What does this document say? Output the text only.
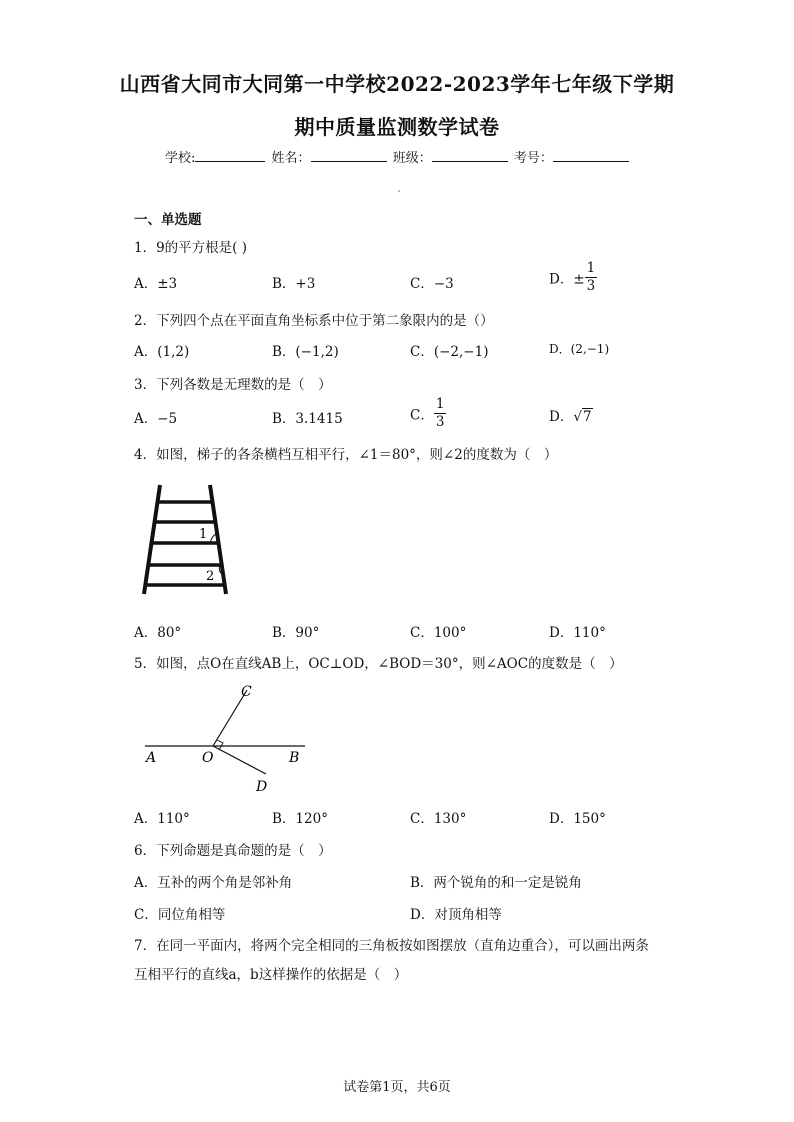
山西省大同市大同第一中学校2022-2023学年七年级下学期
期中质量监测数学试卷
学校:	姓名：	班级：	考号：
一、单选题
1．9的平方根是( )
A．±3	B．+3	C．−3	D．± $\frac{1}{3}$
2．下列四个点在平面直角坐标系中位于第二象限内的是（）
A．(1,2)	B．(−1,2)	C．(−2,−1)	D．(2,−1)
3．下列各数是无理数的是（　）
A．−5	B．3.1415	C． $\frac{1}{3}$	D．√7
4．如图，梯子的各条横档互相平行，∠1＝80°，则∠2的度数为（　）
1
2
A．80°	B．90°	C．100°	D．110°
5．如图，点O在直线AB上，OC⊥OD，∠BOD＝30°，则∠AOC的度数是（　）
C
A	O	B
D
A．110°	B．120°	C．130°	D．150°
6．下列命题是真命题的是（　）
A．互补的两个角是邻补角	B．两个锐角的和一定是锐角
C．同位角相等	D．对顶角相等
7．在同一平面内，将两个完全相同的三角板按如图摆放（直角边重合），可以画出两条
互相平行的直线a，b这样操作的依据是（　）
试卷第1页，共6页
